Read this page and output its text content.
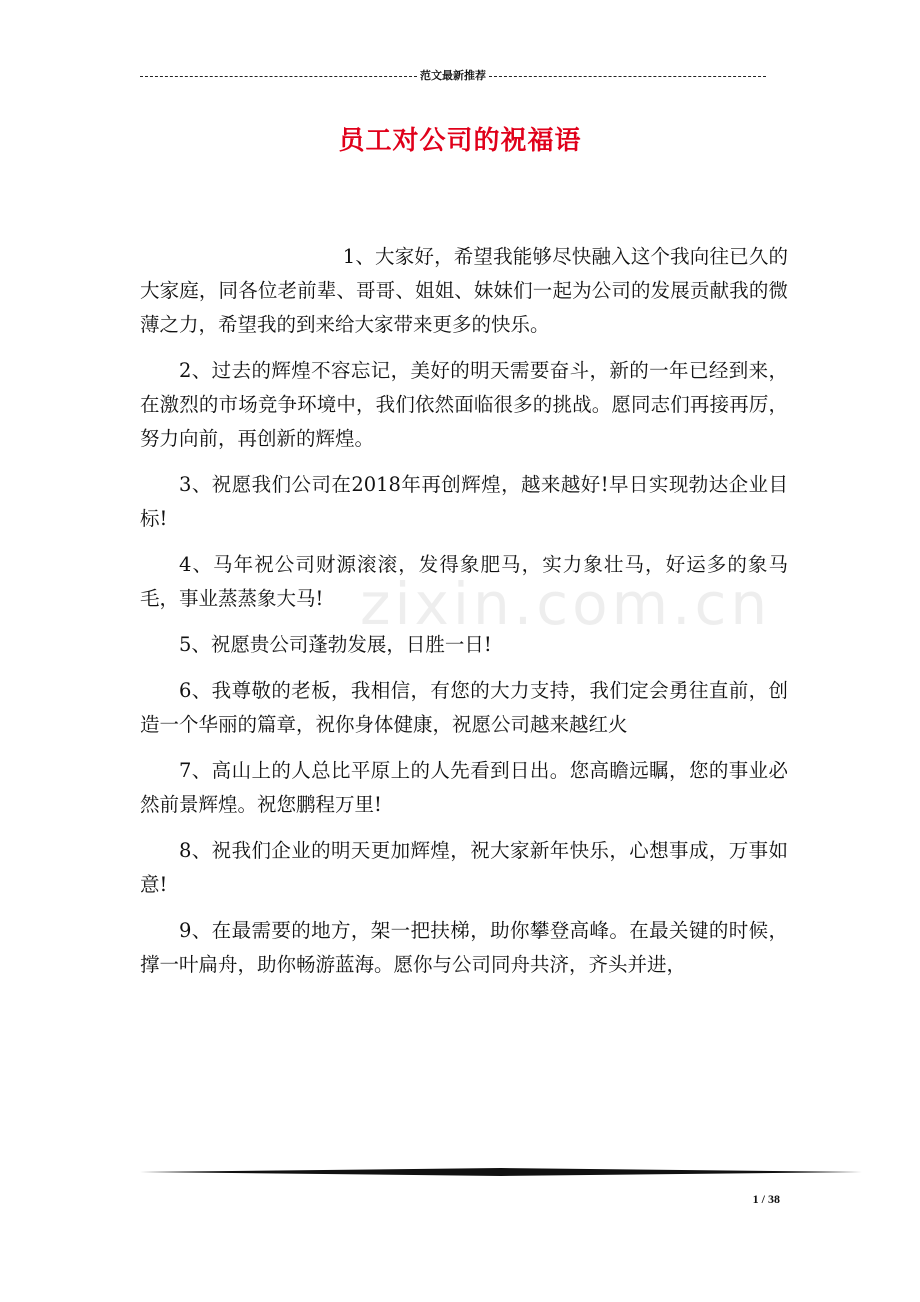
范文最新推荐
员工对公司的祝福语
zixin.com.cn

1、大家好，希望我能够尽快融入这个我向往已久的大家庭，同各位老前辈、哥哥、姐姐、妹妹们一起为公司的发展贡献我的微薄之力，希望我的到来给大家带来更多的快乐。

2、过去的辉煌不容忘记，美好的明天需要奋斗，新的一年已经到来，在激烈的市场竞争环境中，我们依然面临很多的挑战。愿同志们再接再厉，努力向前，再创新的辉煌。

3、祝愿我们公司在2018年再创辉煌，越来越好!早日实现勃达企业目标!

4、马年祝公司财源滚滚，发得象肥马，实力象壮马，好运多的象马毛，事业蒸蒸象大马!

5、祝愿贵公司蓬勃发展，日胜一日!

6、我尊敬的老板，我相信，有您的大力支持，我们定会勇往直前，创造一个华丽的篇章，祝你身体健康，祝愿公司越来越红火

7、高山上的人总比平原上的人先看到日出。您高瞻远瞩，您的事业必然前景辉煌。祝您鹏程万里!

8、祝我们企业的明天更加辉煌，祝大家新年快乐，心想事成，万事如意!

9、在最需要的地方，架一把扶梯，助你攀登高峰。在最关键的时候，撑一叶扁舟，助你畅游蓝海。愿你与公司同舟共济，齐头并进，

1 / 38
